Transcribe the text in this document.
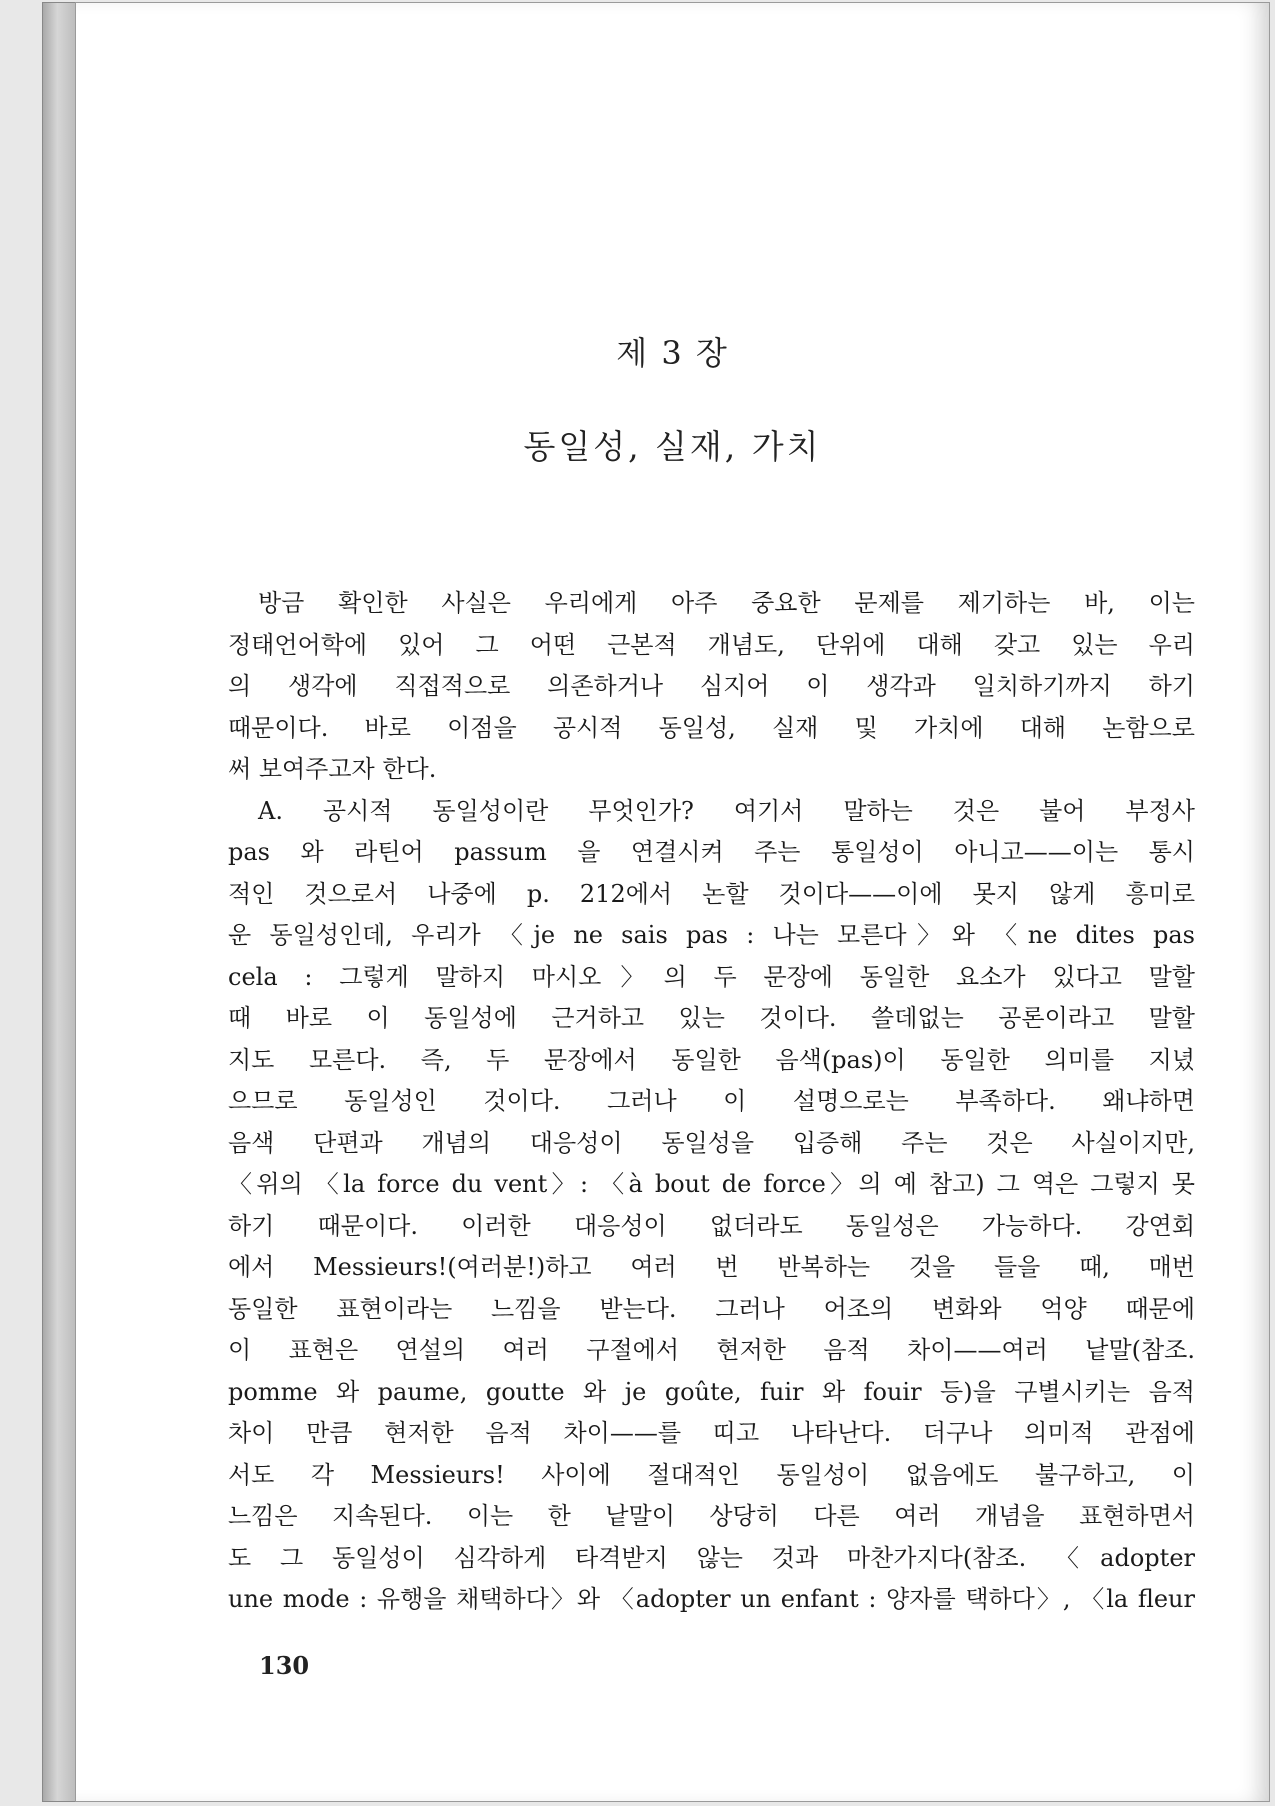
제 3 장
동일성, 실재, 가치
방금 확인한 사실은 우리에게 아주 중요한 문제를 제기하는 바, 이는
정태언어학에 있어 그 어떤 근본적 개념도, 단위에 대해 갖고 있는 우리
의 생각에 직접적으로 의존하거나 심지어 이 생각과 일치하기까지 하기
때문이다. 바로 이점을 공시적 동일성, 실재 및 가치에 대해 논함으로
써 보여주고자 한다.
A. 공시적 동일성이란 무엇인가? 여기서 말하는 것은 불어 부정사
pas 와 라틴어 passum 을 연결시켜 주는 통일성이 아니고——이는 통시
적인 것으로서 나중에 p. 212에서 논할 것이다——이에 못지 않게 흥미로
운 동일성인데, 우리가 〈je ne sais pas : 나는 모른다〉와 〈ne dites pas
cela : 그렇게 말하지 마시오〉의 두 문장에 동일한 요소가 있다고 말할
때 바로 이 동일성에 근거하고 있는 것이다. 쓸데없는 공론이라고 말할
지도 모른다. 즉, 두 문장에서 동일한 음색(pas)이 동일한 의미를 지녔
으므로 동일성인 것이다. 그러나 이 설명으로는 부족하다. 왜냐하면
음색 단편과 개념의 대응성이 동일성을 입증해 주는 것은 사실이지만,
〈위의 〈la force du vent〉: 〈à bout de force〉의 예 참고) 그 역은 그렇지 못
하기 때문이다. 이러한 대응성이 없더라도 동일성은 가능하다. 강연회
에서 Messieurs!(여러분!)하고 여러 번 반복하는 것을 들을 때, 매번
동일한 표현이라는 느낌을 받는다. 그러나 어조의 변화와 억양 때문에
이 표현은 연설의 여러 구절에서 현저한 음적 차이——여러 낱말(참조.
pomme 와 paume, goutte 와 je goûte, fuir 와 fouir 등)을 구별시키는 음적
차이 만큼 현저한 음적 차이——를 띠고 나타난다. 더구나 의미적 관점에
서도 각 Messieurs! 사이에 절대적인 동일성이 없음에도 불구하고, 이
느낌은 지속된다. 이는 한 낱말이 상당히 다른 여러 개념을 표현하면서
도 그 동일성이 심각하게 타격받지 않는 것과 마찬가지다(참조. 〈adopter
une mode : 유행을 채택하다〉와 〈adopter un enfant : 양자를 택하다〉, 〈la fleur
130
